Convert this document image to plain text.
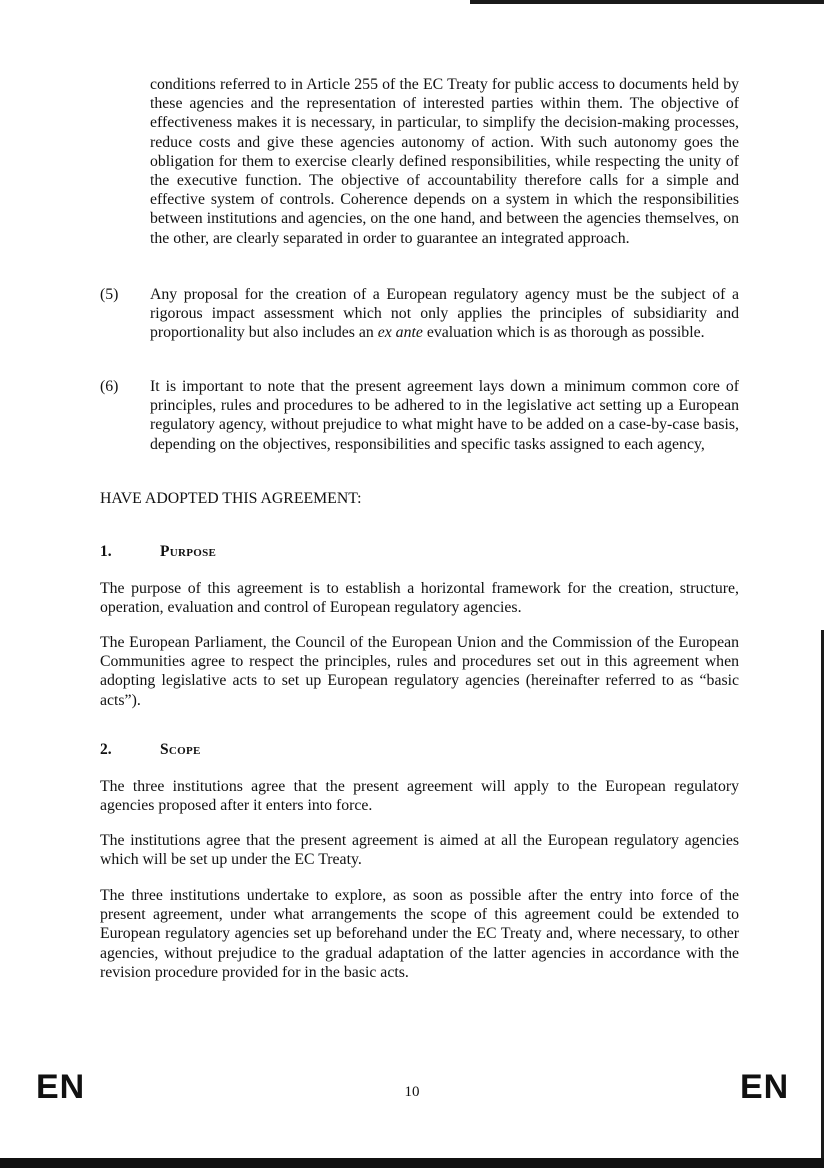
conditions referred to in Article 255 of the EC Treaty for public access to documents held by these agencies and the representation of interested parties within them. The objective of effectiveness makes it is necessary, in particular, to simplify the decision-making processes, reduce costs and give these agencies autonomy of action. With such autonomy goes the obligation for them to exercise clearly defined responsibilities, while respecting the unity of the executive function. The objective of accountability therefore calls for a simple and effective system of controls. Coherence depends on a system in which the responsibilities between institutions and agencies, on the one hand, and between the agencies themselves, on the other, are clearly separated in order to guarantee an integrated approach.

(5) Any proposal for the creation of a European regulatory agency must be the subject of a rigorous impact assessment which not only applies the principles of subsidiarity and proportionality but also includes an ex ante evaluation which is as thorough as possible.

(6) It is important to note that the present agreement lays down a minimum common core of principles, rules and procedures to be adhered to in the legislative act setting up a European regulatory agency, without prejudice to what might have to be added on a case-by-case basis, depending on the objectives, responsibilities and specific tasks assigned to each agency,

HAVE ADOPTED THIS AGREEMENT:

1.	Purpose

The purpose of this agreement is to establish a horizontal framework for the creation, structure, operation, evaluation and control of European regulatory agencies.

The European Parliament, the Council of the European Union and the Commission of the European Communities agree to respect the principles, rules and procedures set out in this agreement when adopting legislative acts to set up European regulatory agencies (hereinafter referred to as “basic acts”).

2.	Scope

The three institutions agree that the present agreement will apply to the European regulatory agencies proposed after it enters into force.

The institutions agree that the present agreement is aimed at all the European regulatory agencies which will be set up under the EC Treaty.

The three institutions undertake to explore, as soon as possible after the entry into force of the present agreement, under what arrangements the scope of this agreement could be extended to European regulatory agencies set up beforehand under the EC Treaty and, where necessary, to other agencies, without prejudice to the gradual adaptation of the latter agencies in accordance with the revision procedure provided for in the basic acts.

EN	10	EN
